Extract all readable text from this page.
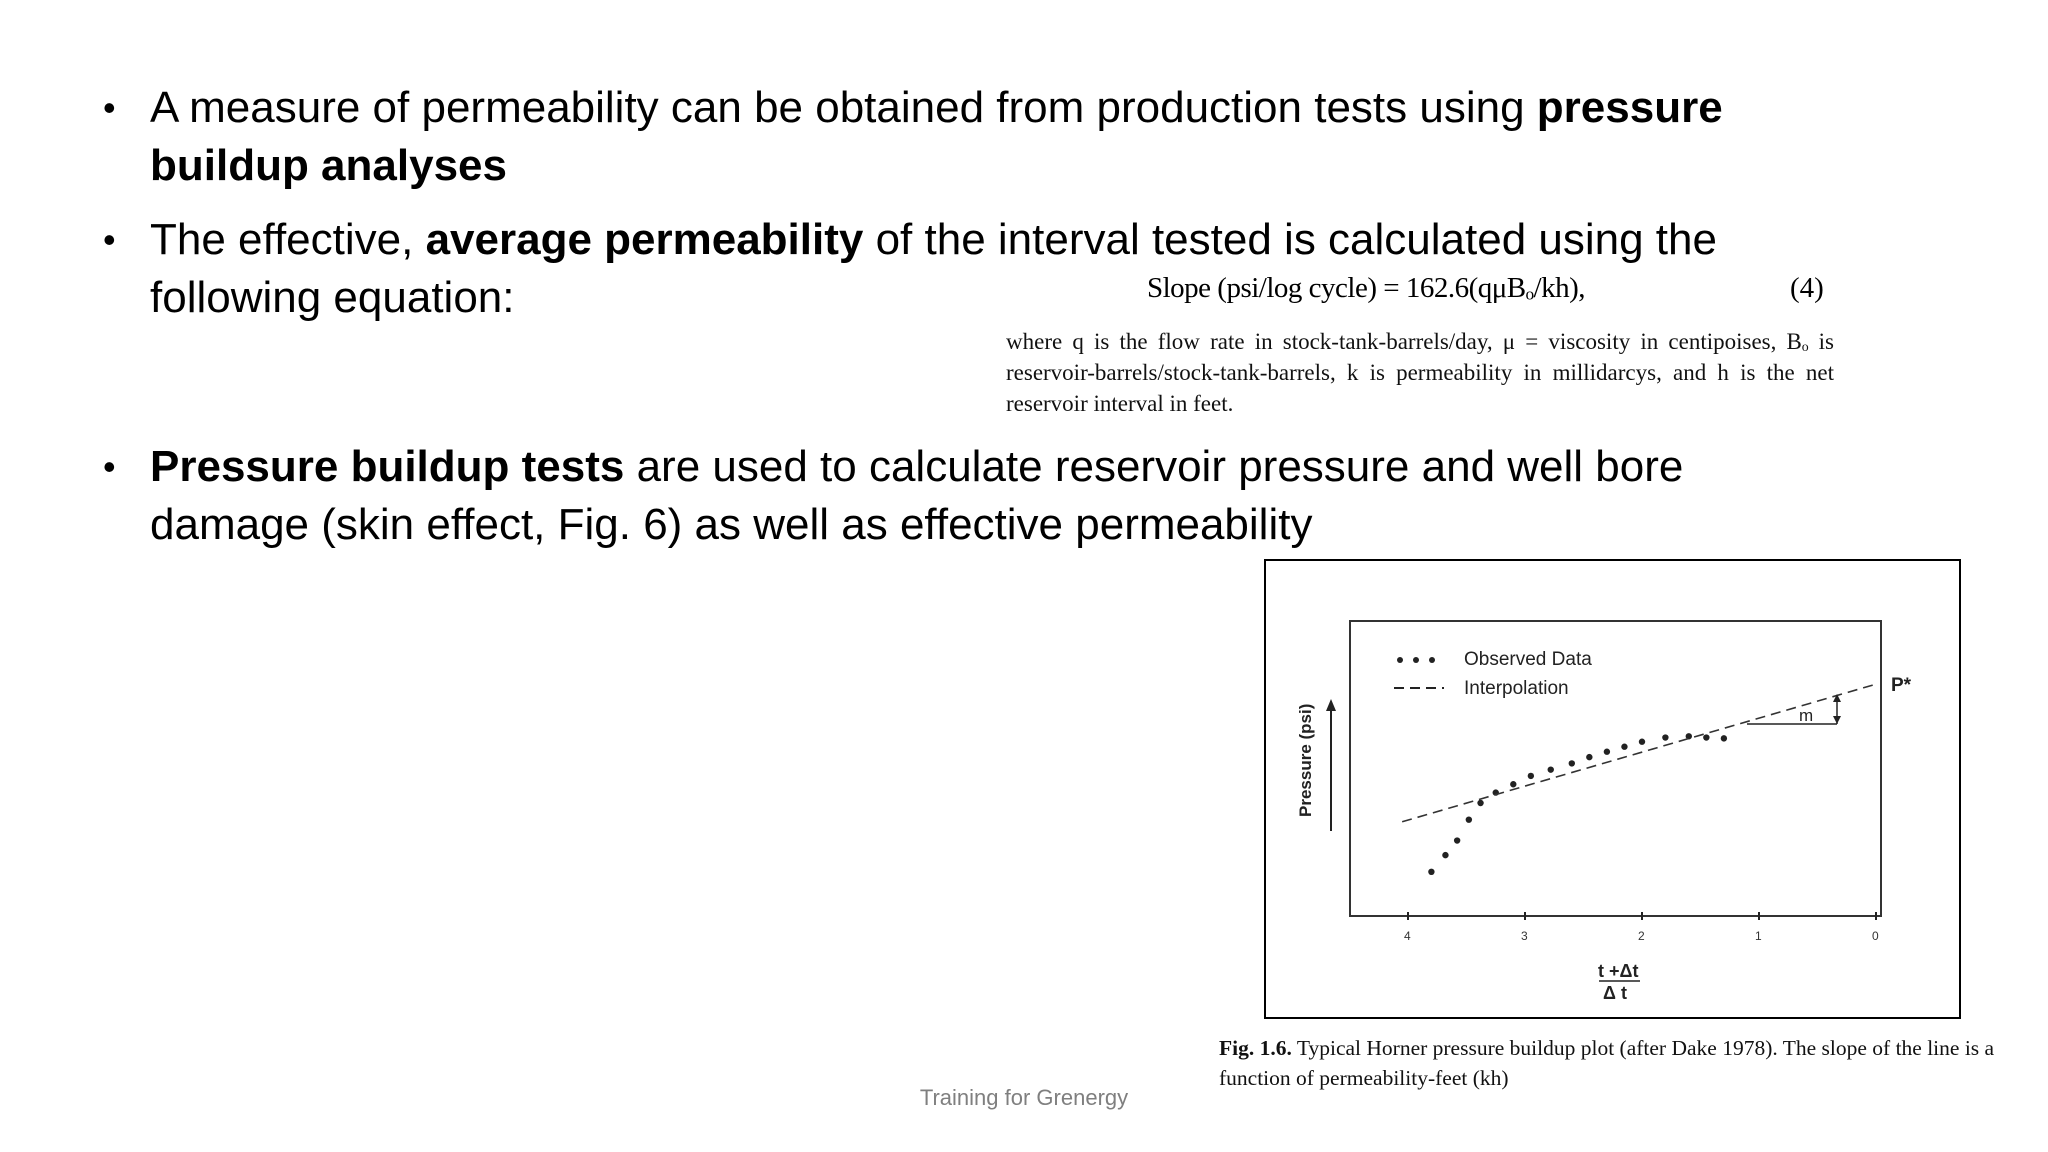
• A measure of permeability can be obtained from production tests using pressure
buildup analyses
• The effective, average permeability of the interval tested is calculated using the
following equation:	Slope (psi/log cycle) = 162.6(qμBₒ/kh),	(4)
where q is the flow rate in stock-tank-barrels/day, μ = viscosity in centipoises, Bₒ is reservoir-barrels/stock-tank-barrels, k is permeability in millidarcys, and h is the net reservoir interval in feet.
• Pressure buildup tests are used to calculate reservoir pressure and well bore
damage (skin effect, Fig. 6) as well as effective permeability
Observed Data
Interpolation
Pressure (psi)	m
P*
4	3	2	1	0
t +Δt
Δ t
Fig. 1.6. Typical Horner pressure buildup plot (after Dake 1978). The slope of the line is a function of permeability-feet (kh)
Training for Grenergy
